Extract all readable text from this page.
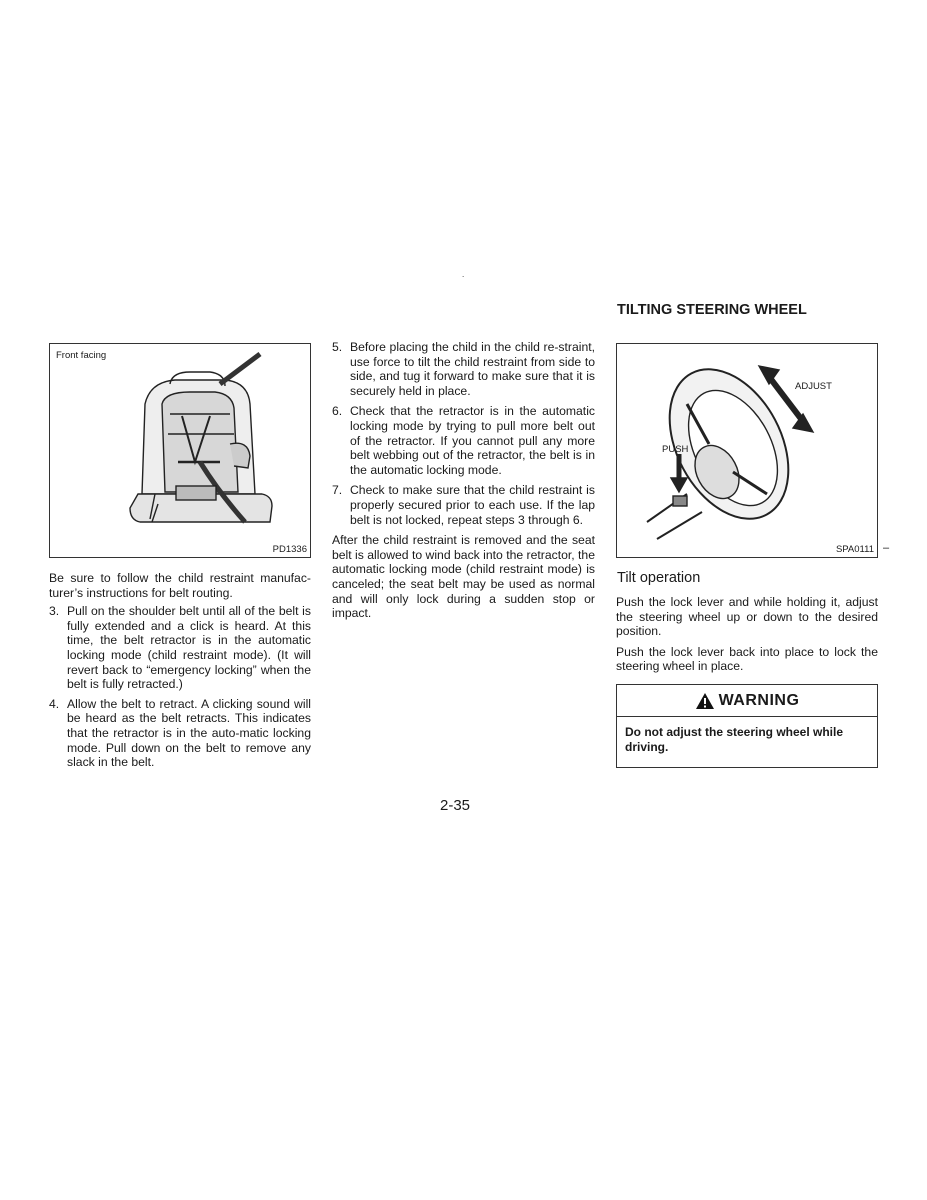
.
Front facing
PD1336

Be sure to follow the child restraint manufac-turer’s instructions for belt routing.

3. Pull on the shoulder belt until all of the belt is fully extended and a click is heard. At this time, the belt retractor is in the automatic locking mode (child restraint mode). (It will revert back to “emergency locking” when the belt is fully retracted.)
4. Allow the belt to retract. A clicking sound will be heard as the belt retracts. This indicates that the retractor is in the auto-matic locking mode. Pull down on the belt to remove any slack in the belt.
5. Before placing the child in the child re-straint, use force to tilt the child restraint from side to side, and tug it forward to make sure that it is securely held in place.
6. Check that the retractor is in the automatic locking mode by trying to pull more belt out of the retractor. If you cannot pull any more belt webbing out of the retractor, the belt is in the automatic locking mode.
7. Check to make sure that the child restraint is properly secured prior to each use. If the lap belt is not locked, repeat steps 3 through 6.

After the child restraint is removed and the seat belt is allowed to wind back into the retractor, the automatic locking mode (child restraint mode) is canceled; the seat belt may be used as normal and will only lock during a sudden stop or impact.

TILTING STEERING WHEEL
ADJUST
PUSH
SPA0111 –
Tilt operation

Push the lock lever and while holding it, adjust the steering wheel up or down to the desired position.

Push the lock lever back into place to lock the steering wheel in place.

WARNING
Do not adjust the steering wheel while driving.
2-35
